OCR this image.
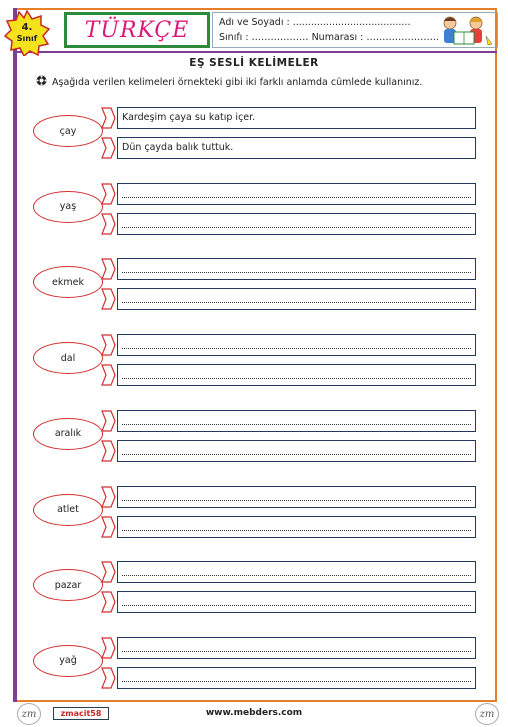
4.
Sınıf	TÜRKÇE	Adı ve Soyadı : .......................................
Sınıfı : ……………… Numarası : …………………..
EŞ SESLİ KELİMELER
Aşağıda verilen kelimeleri örnekteki gibi iki farklı anlamda cümlede kullanınız.
çay
Kardeşim çaya su katıp içer.
Dün çayda balık tuttuk.
yaş
ekmek
dal
aralık
atlet
pazar
yağ
zm	zmacit58	www.mebders.com	zm
